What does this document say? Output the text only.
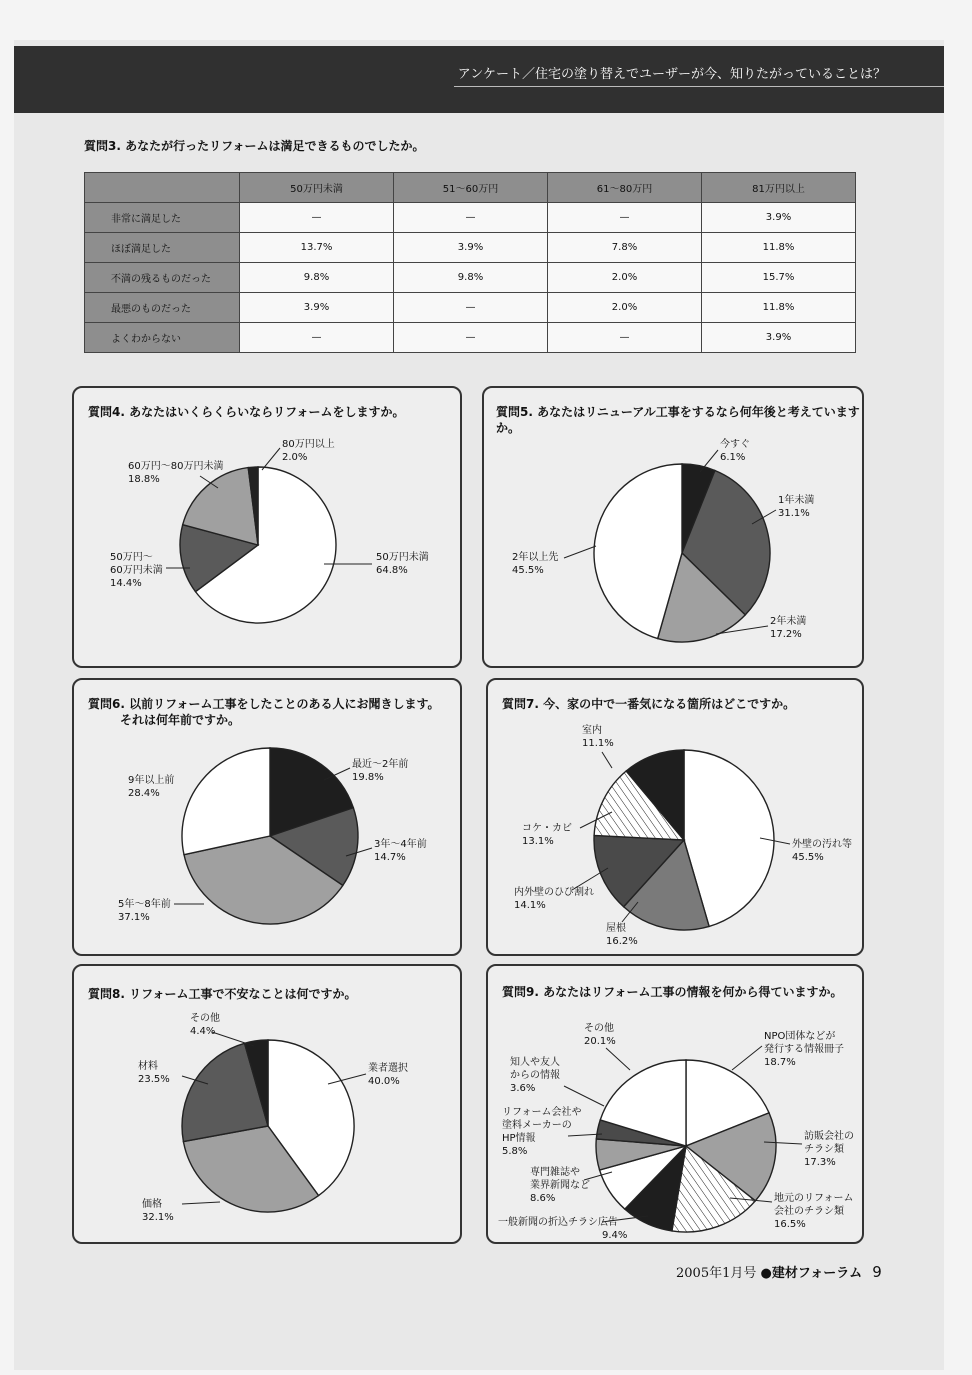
アンケート／住宅の塗り替えでユーザーが今、知りたがっていることは？
質問3. あなたが行ったリフォームは満足できるものでしたか。
	50万円未満	51〜60万円	61〜80万円	81万円以上
非常に満足した	—	—	—	3.9%
ほぼ満足した	13.7%	3.9%	7.8%	11.8%
不満の残るものだった	9.8%	9.8%	2.0%	15.7%
最悪のものだった	3.9%	—	2.0%	11.8%
よくわからない	—	—	—	3.9%
質問4. あなたはいくらくらいならリフォームをしますか。
80万円以上
2.0%
60万円〜80万円未満
18.8%
50万円〜
60万円未満
14.4%
50万円未満
64.8%
質問5. あなたはリニューアル工事をするなら何年後と考えていますか。
今すぐ
6.1%
1年未満
31.1%
2年未満
17.2%
2年以上先
45.5%
質問6. 以前リフォーム工事をしたことのある人にお聞きします。
それは何年前ですか。
最近〜2年前
19.8%
3年〜4年前
14.7%
5年〜8年前
37.1%
9年以上前
28.4%
質問7. 今、家の中で一番気になる箇所はどこですか。
室内
11.1%
コケ・カビ
13.1%
内外壁のひび割れ
14.1%
屋根
16.2%
外壁の汚れ等
45.5%
質問8. リフォーム工事で不安なことは何ですか。
その他
4.4%
業者選択
40.0%
材料
23.5%
価格
32.1%
質問9. あなたはリフォーム工事の情報を何から得ていますか。
その他
20.1%	NPO団体などが
発行する情報冊子
18.7%
知人や友人
からの情報
3.6%
リフォーム会社や
塗料メーカーの
HP情報
5.8%
訪販会社の
チラシ類
17.3%
専門雑誌や
業界新聞など
8.6%	地元のリフォーム
会社のチラシ類
16.5%
一般新聞の折込チラシ広告
9.4%
2005年1月号 ●建材フォーラム 9
